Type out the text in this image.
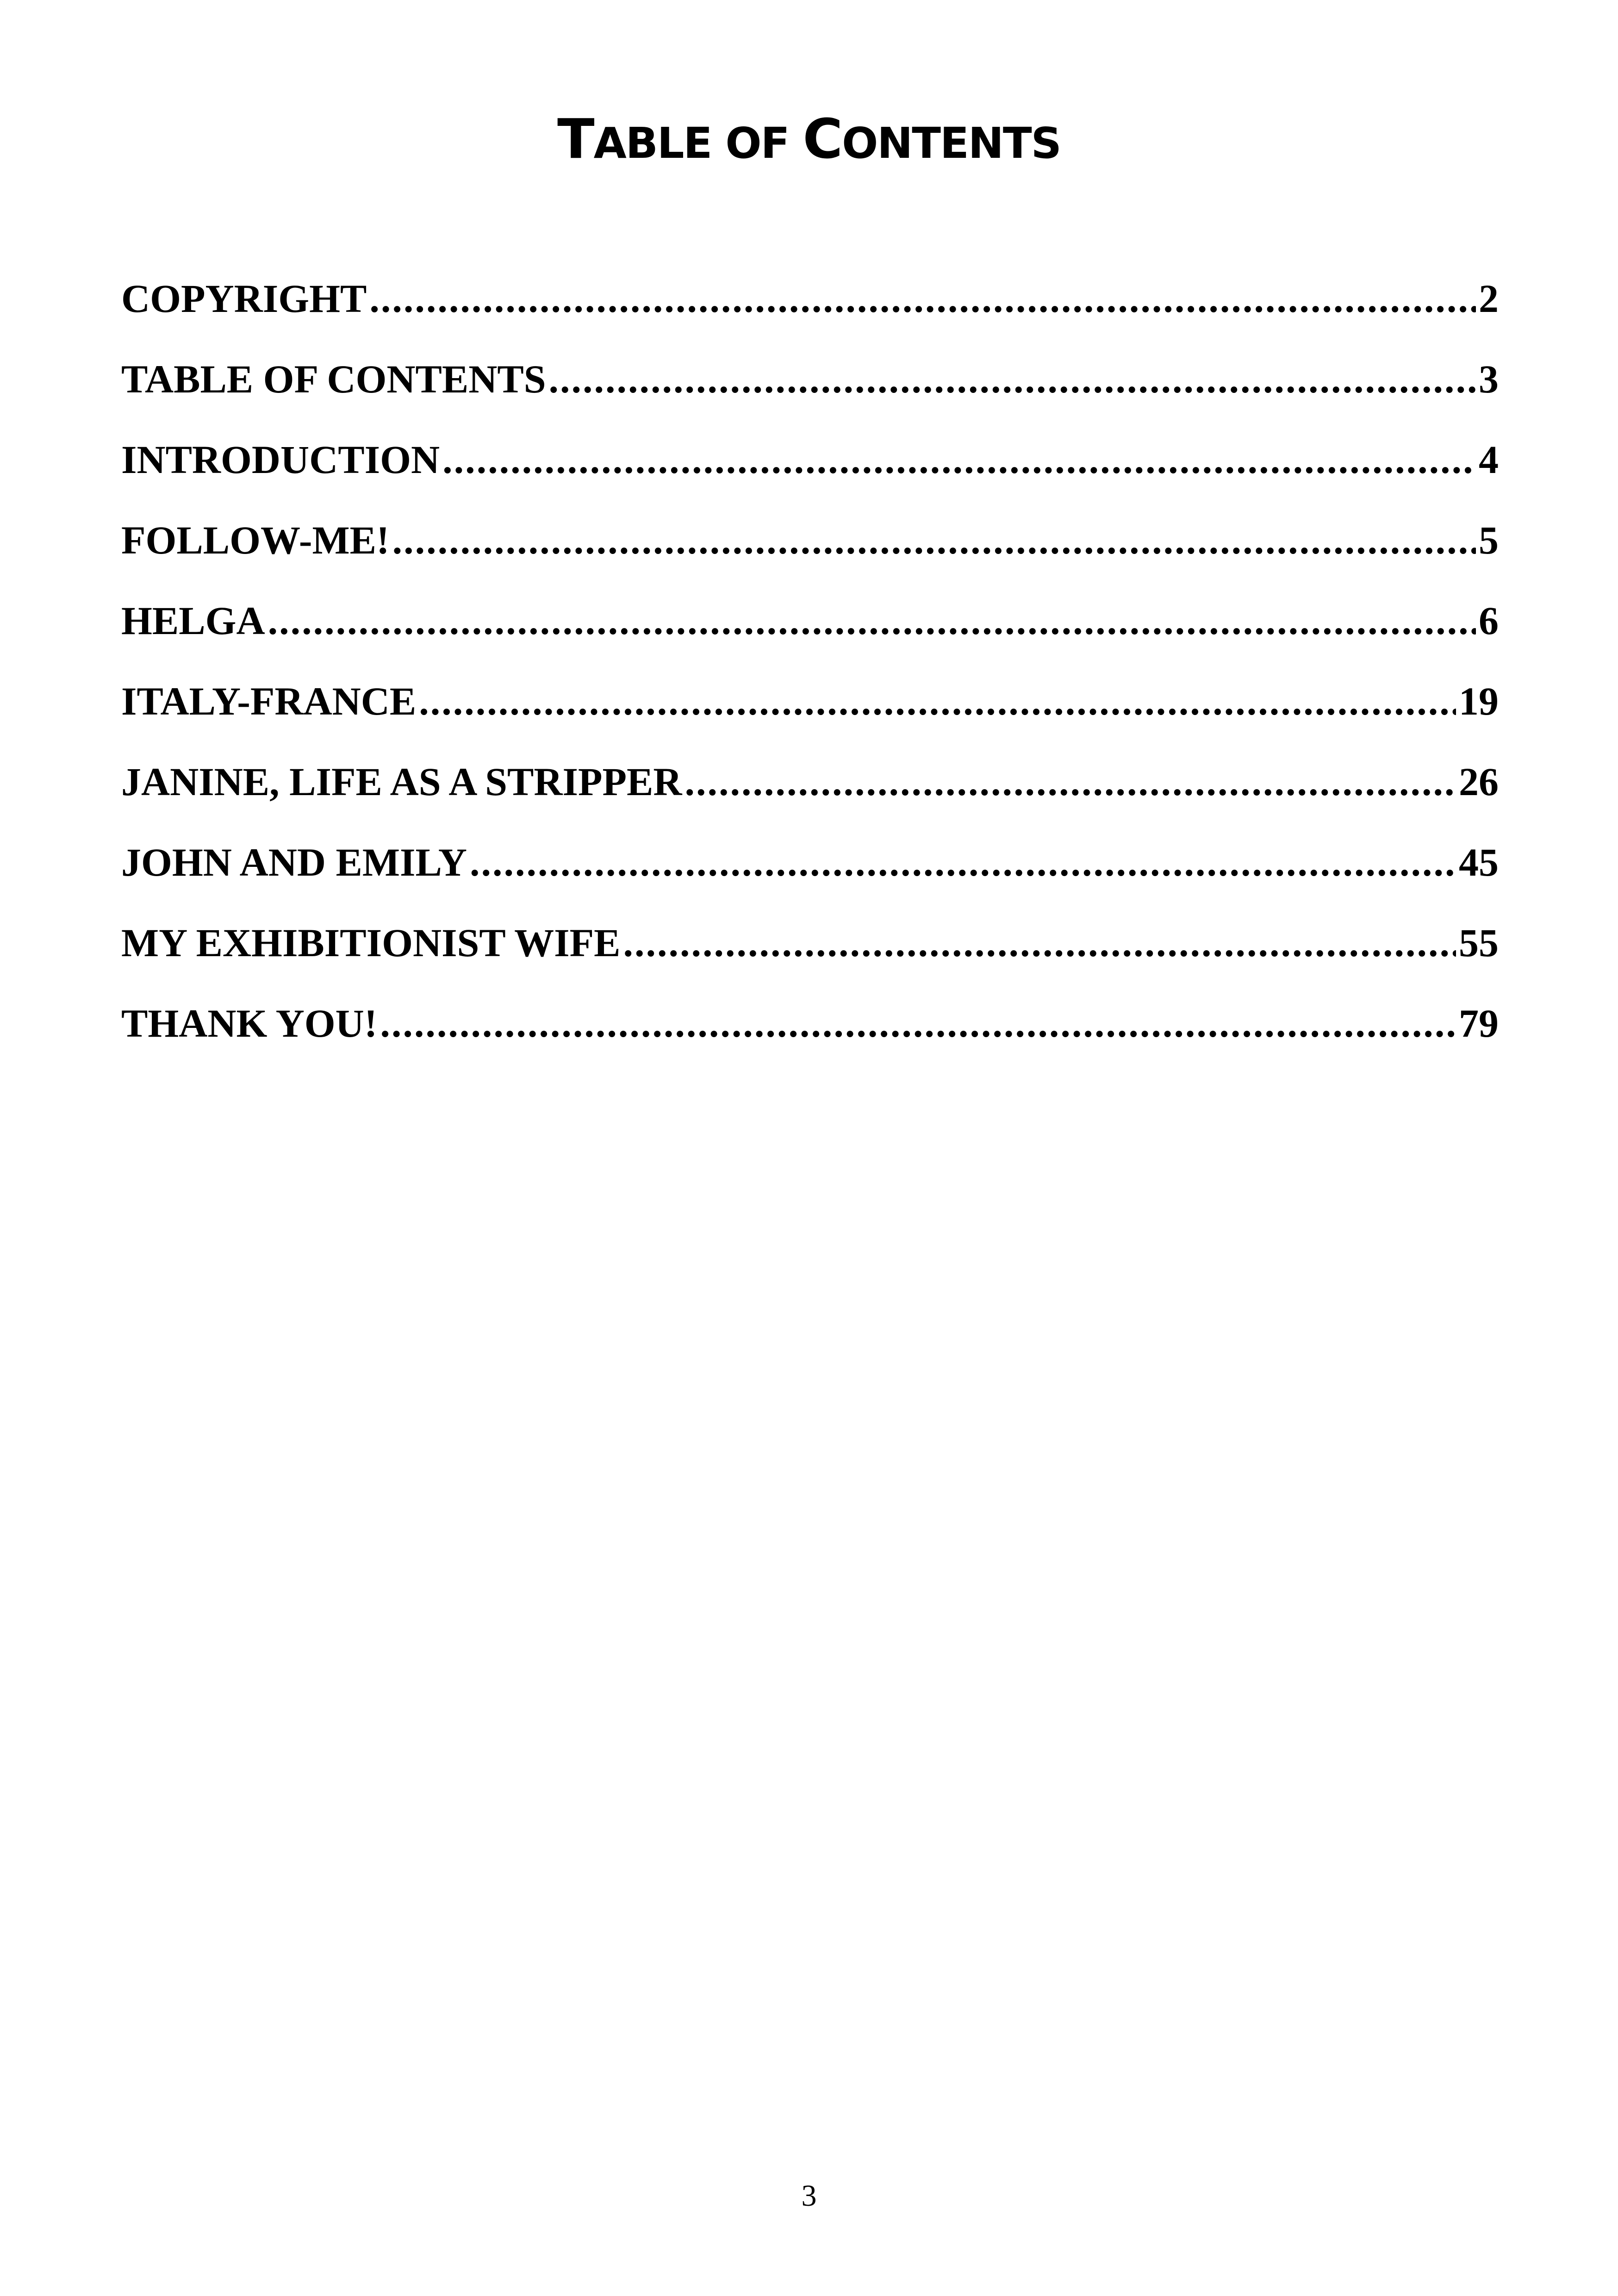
TABLE OF CONTENTS
COPYRIGHT .....	2
TABLE OF CONTENTS .....	3
INTRODUCTION .....	4
FOLLOW-ME! .....	5
HELGA .....	6
ITALY-FRANCE .....	19
JANINE, LIFE AS A STRIPPER .....	26
JOHN AND EMILY .....	45
MY EXHIBITIONIST WIFE .....	55
THANK YOU! .....	79

3
